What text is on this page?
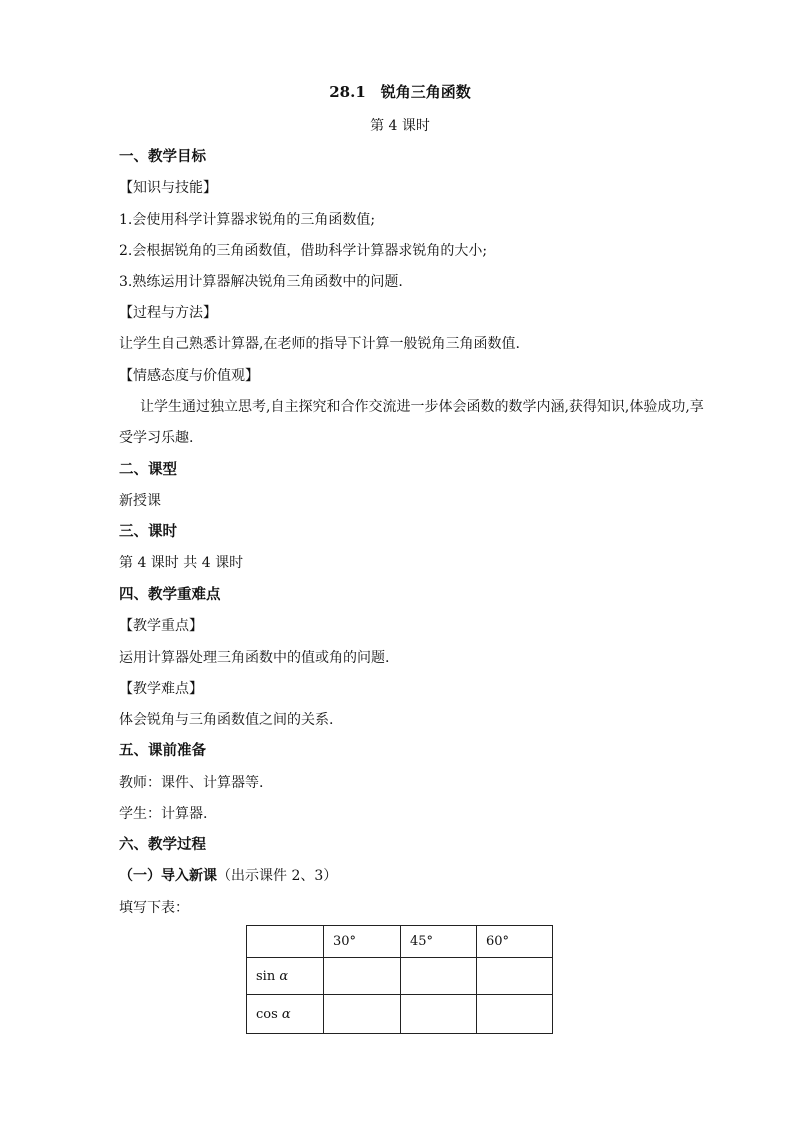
28.1　锐角三角函数
第 4 课时
一、教学目标
【知识与技能】
1.会使用科学计算器求锐角的三角函数值;
2.会根据锐角的三角函数值，借助科学计算器求锐角的大小;
3.熟练运用计算器解决锐角三角函数中的问题.
【过程与方法】
让学生自己熟悉计算器,在老师的指导下计算一般锐角三角函数值.
【情感态度与价值观】
让学生通过独立思考,自主探究和合作交流进一步体会函数的数学内涵,获得知识,体验成功,享
受学习乐趣.
二、课型
新授课
三、课时
第 4 课时 共 4 课时
四、教学重难点
【教学重点】
运用计算器处理三角函数中的值或角的问题.
【教学难点】
体会锐角与三角函数值之间的关系.
五、课前准备
教师：课件、计算器等.
学生：计算器.
六、教学过程
（一）导入新课（出示课件 2、3）
填写下表：
	30°	45°	60°
sin α			
cos α			
